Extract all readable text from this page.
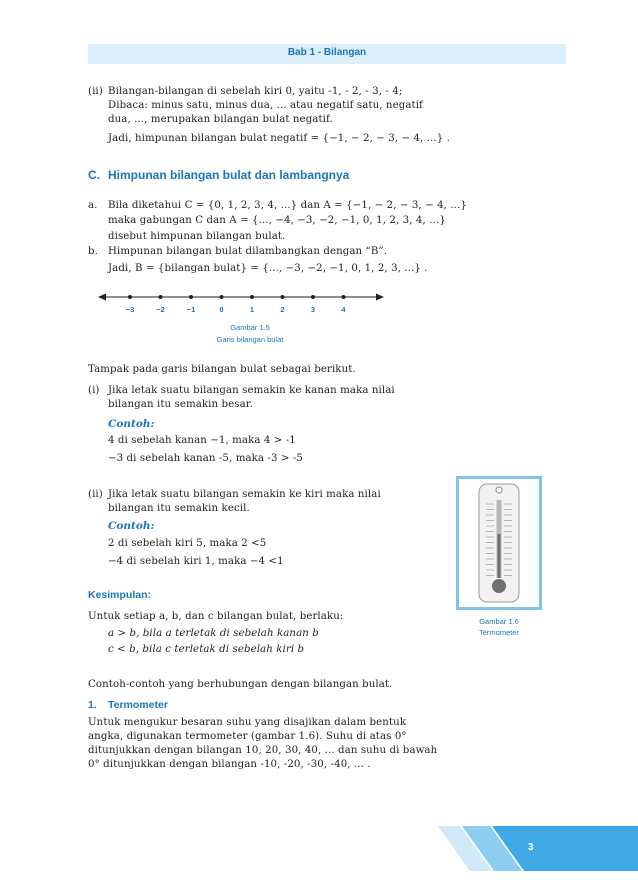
Bab 1 - Bilangan
(ii) Bilangan-bilangan di sebelah kiri 0, yaitu -1, - 2, - 3, - 4;
Dibaca: minus satu, minus dua, ... atau negatif satu, negatif
dua, ..., merupakan bilangan bulat negatif.
Jadi, himpunan bilangan bulat negatif = {−1, − 2, − 3, − 4, ...} .
C. Himpunan bilangan bulat dan lambangnya
a. Bila diketahui C = {0, 1, 2, 3, 4, ...} dan A = {−1, − 2, − 3, − 4, ...}
maka gabungan C dan A = {..., −4, −3, −2, −1, 0, 1, 2, 3, 4, ...}
disebut himpunan bilangan bulat.
b. Himpunan bilangan bulat dilambangkan dengan “B”.
Jadi, B = {bilangan bulat} = {..., −3, −2, −1, 0, 1, 2, 3, ...} .
−3	−2	−1	0	1	2	3	4
Gambar 1.5
Garis bilangan bulat
Tampak pada garis bilangan bulat sebagai berikut.
(i) Jika letak suatu bilangan semakin ke kanan maka nilai
bilangan itu semakin besar.
Contoh:
4 di sebelah kanan −1, maka 4 > -1
−3 di sebelah kanan -5, maka -3 > -5
(ii) Jika letak suatu bilangan semakin ke kiri maka nilai
bilangan itu semakin kecil.
Contoh:
2 di sebelah kiri 5, maka 2 <5
−4 di sebelah kiri 1, maka −4 <1
Kesimpulan:
Untuk setiap a, b, dan c bilangan bulat, berlaku:
a > b, bila a terletak di sebelah kanan b
c < b, bila c terletak di sebelah kiri b
Contoh-contoh yang berhubungan dengan bilangan bulat.
1. Termometer
Untuk mengukur besaran suhu yang disajikan dalam bentuk
angka, digunakan termometer (gambar 1.6). Suhu di atas 0°
ditunjukkan dengan bilangan 10, 20, 30, 40, ... dan suhu di bawah
0° ditunjukkan dengan bilangan -10, -20, -30, -40, ... .
Gambar 1.6
Termometer
3
